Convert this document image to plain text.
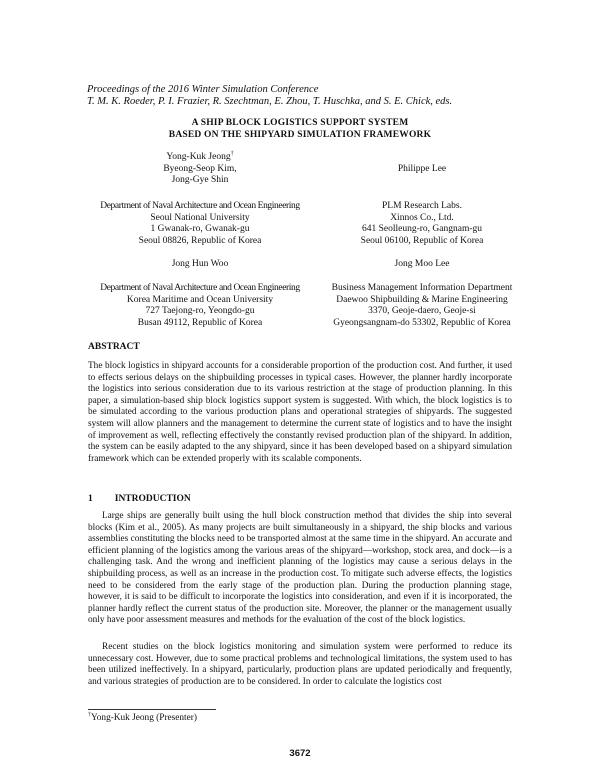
Proceedings of the 2016 Winter Simulation Conference
T. M. K. Roeder, P. I. Frazier, R. Szechtman, E. Zhou, T. Huschka, and S. E. Chick, eds.
A SHIP BLOCK LOGISTICS SUPPORT SYSTEM
BASED ON THE SHIPYARD SIMULATION FRAMEWORK
Yong-Kuk Jeong†
Byeong-Seop Kim,
Jong-Gye Shin
Philippe Lee
Department of Naval Architecture and Ocean Engineering
Seoul National University
1 Gwanak-ro, Gwanak-gu
Seoul 08826, Republic of Korea
PLM Research Labs.
Xinnos Co., Ltd.
641 Seolleung-ro, Gangnam-gu
Seoul 06100, Republic of Korea
Jong Hun Woo	Jong Moo Lee
Department of Naval Architecture and Ocean Engineering
Korea Maritime and Ocean University
727 Taejong-ro, Yeongdo-gu
Busan 49112, Republic of Korea
Business Management Information Department
Daewoo Shipbuilding & Marine Engineering
3370, Geoje-daero, Geoje-si
Gyeongsangnam-do 53302, Republic of Korea
ABSTRACT
The block logistics in shipyard accounts for a considerable proportion of the production cost. And further, it used to effects serious delays on the shipbuilding processes in typical cases. However, the planner hardly incorporate the logistics into serious consideration due to its various restriction at the stage of production planning. In this paper, a simulation-based ship block logistics support system is suggested. With which, the block logistics is to be simulated according to the various production plans and operational strategies of shipyards. The suggested system will allow planners and the management to determine the current state of logistics and to have the insight of improvement as well, reflecting effectively the constantly revised production plan of the shipyard. In addition, the system can be easily adapted to the any shipyard, since it has been developed based on a shipyard simulation framework which can be extended properly with its scalable components.
1 INTRODUCTION
Large ships are generally built using the hull block construction method that divides the ship into several blocks (Kim et al., 2005). As many projects are built simultaneously in a shipyard, the ship blocks and various assemblies constituting the blocks need to be transported almost at the same time in the shipyard. An accurate and efficient planning of the logistics among the various areas of the shipyard—workshop, stock area, and dock—is a challenging task. And the wrong and inefficient planning of the logistics may cause a serious delays in the shipbuilding process, as well as an increase in the production cost. To mitigate such adverse effects, the logistics need to be considered from the early stage of the production plan. During the production planning stage, however, it is said to be difficult to incorporate the logistics into consideration, and even if it is incorporated, the planner hardly reflect the current status of the production site. Moreover, the planner or the management usually only have poor assessment measures and methods for the evaluation of the cost of the block logistics.
Recent studies on the block logistics monitoring and simulation system were performed to reduce its unnecessary cost. However, due to some practical problems and technological limitations, the system used to has been utilized ineffectively. In a shipyard, particularly, production plans are updated periodically and frequently, and various strategies of production are to be considered. In order to calculate the logistics cost
†Yong-Kuk Jeong (Presenter)
3672
